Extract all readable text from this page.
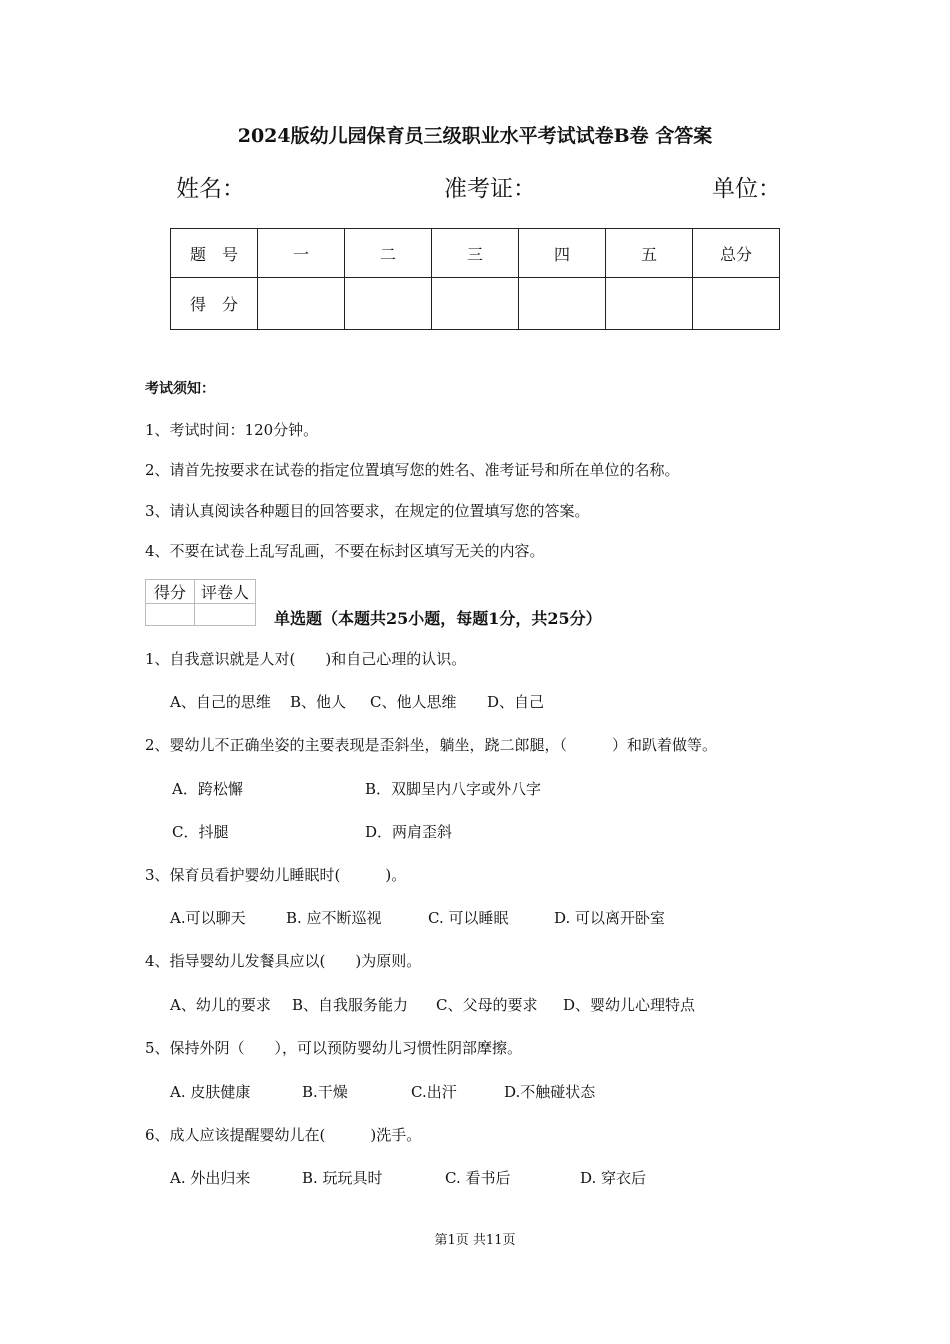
2024版幼儿园保育员三级职业水平考试试卷B卷 含答案
姓名：	准考证：	单位：
题　号	一	二	三	四	五	总分
得　分						
考试须知：
1、考试时间：120分钟。
2、请首先按要求在试卷的指定位置填写您的姓名、准考证号和所在单位的名称。
3、请认真阅读各种题目的回答要求，在规定的位置填写您的答案。
4、不要在试卷上乱写乱画，不要在标封区填写无关的内容。
得分	评卷人

单选题（本题共25小题，每题1分，共25分）
1、自我意识就是人对(　　)和自己心理的认识。
A、自己的思维 B、他人 C、他人思维 D、自己
2、婴幼儿不正确坐姿的主要表现是歪斜坐，躺坐，跷二郎腿，（　　　）和趴着做等。
A．跨松懈	B．双脚呈内八字或外八字
C．抖腿	D．两肩歪斜
3、保育员看护婴幼儿睡眠时(　　　)。
A.可以聊天	B. 应不断巡视	C. 可以睡眠	D. 可以离开卧室
4、指导婴幼儿发餐具应以(　　)为原则。
A、幼儿的要求 B、自我服务能力 C、父母的要求 D、婴幼儿心理特点
5、保持外阴（　　），可以预防婴幼儿习惯性阴部摩擦。
A. 皮肤健康	B.干燥	C.出汗	D.不触碰状态
6、成人应该提醒婴幼儿在(　　　)洗手。
A. 外出归来	B. 玩玩具时	C. 看书后	D. 穿衣后
第1页 共11页
